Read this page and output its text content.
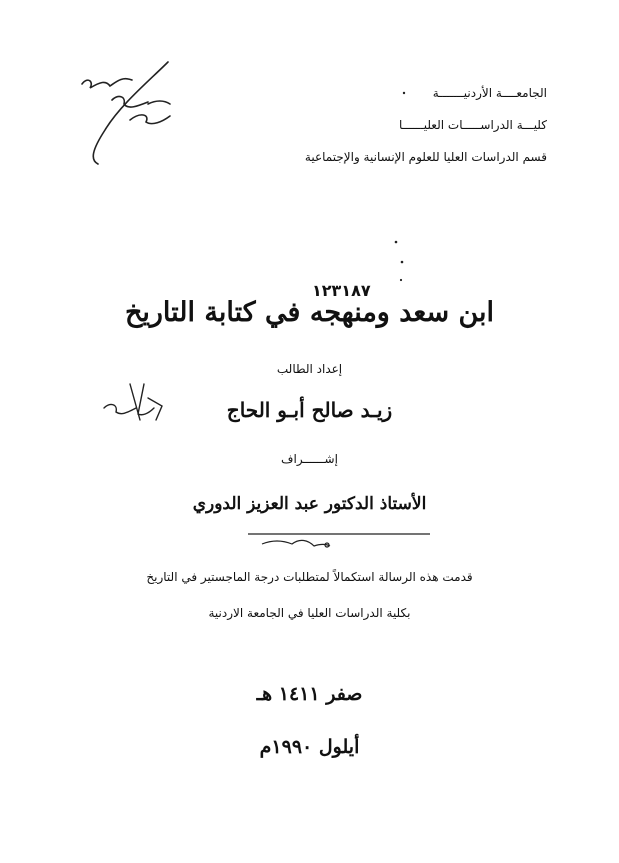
الجامعــــة الأردنيـــــــة
كليـــة الدراســـــات العليــــــا
قسم الدراسات العليا للعلوم الإنسانية والإجتماعية
١٢٣١٨٧
ابن سعد ومنهجه في كتابة التاريخ
إعداد الطالب
زيـد صالح أبـو الحاج
إشــــــراف
الأستاذ الدكتور عبد العزيز الدوري
قدمت هذه الرسالة استكمالاً لمتطلبات درجة الماجستير في التاريخ
بكلية الدراسات العليا في الجامعة الاردنية
صفر ١٤١١ هـ
أيلول ١٩٩٠م
